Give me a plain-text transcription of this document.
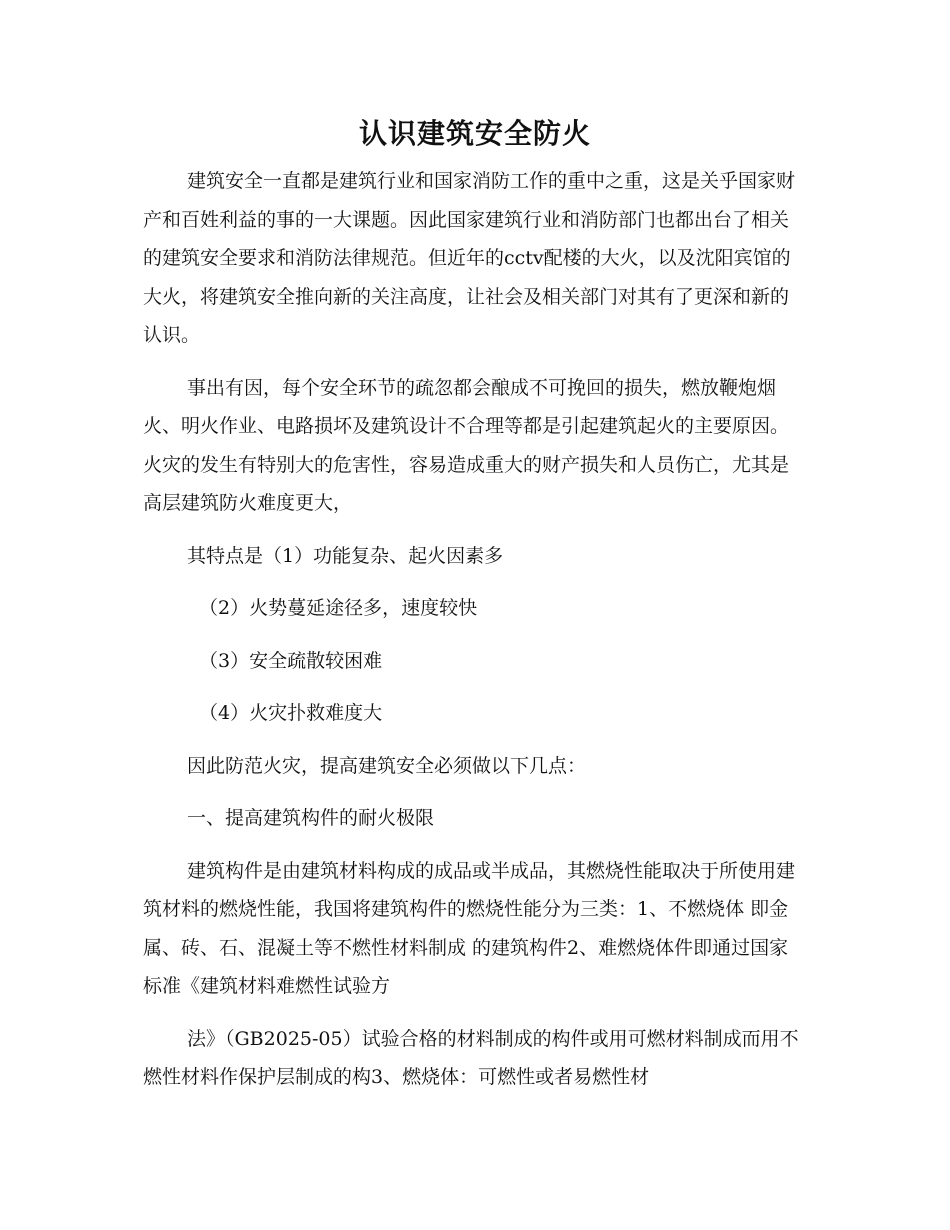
认识建筑安全防火

建筑安全一直都是建筑行业和国家消防工作的重中之重，这是关乎国家财产和百姓利益的事的一大课题。因此国家建筑行业和消防部门也都出台了相关的建筑安全要求和消防法律规范。但近年的cctv配楼的大火，以及沈阳宾馆的大火，将建筑安全推向新的关注高度，让社会及相关部门对其有了更深和新的认识。

事出有因，每个安全环节的疏忽都会酿成不可挽回的损失，燃放鞭炮烟火、明火作业、电路损坏及建筑设计不合理等都是引起建筑起火的主要原因。火灾的发生有特别大的危害性，容易造成重大的财产损失和人员伤亡，尤其是高层建筑防火难度更大，

其特点是（1）功能复杂、起火因素多

（2）火势蔓延途径多，速度较快

（3）安全疏散较困难

（4）火灾扑救难度大

因此防范火灾，提高建筑安全必须做以下几点：

一、提高建筑构件的耐火极限

建筑构件是由建筑材料构成的成品或半成品，其燃烧性能取决于所使用建筑材料的燃烧性能，我国将建筑构件的燃烧性能分为三类：1、不燃烧体 即金属、砖、石、混凝土等不燃性材料制成 的建筑构件2、难燃烧体件即通过国家标准《建筑材料难燃性试验方

法》（GB2025-05）试验合格的材料制成的构件或用可燃材料制成而用不燃性材料作保护层制成的构3、燃烧体：可燃性或者易燃性材
